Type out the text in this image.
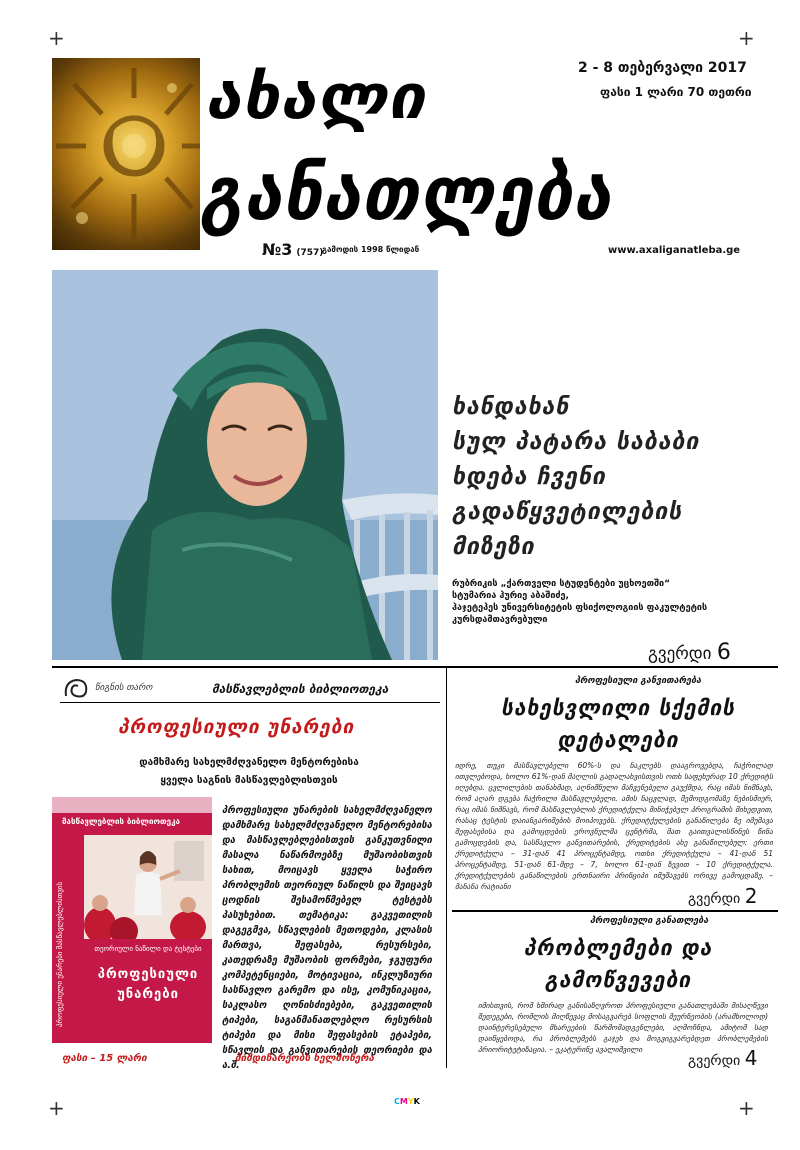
+	+
+	+
ახალი
განათლება
2 - 8 თებერვალი 2017
ფასი 1 ლარი 70 თეთრი
№3 (757)
გამოდის 1998 წლიდან	www.axaliganatleba.ge
ხანდახან
სულ პატარა საბაბი
ხდება ჩვენი
გადაწყვეტილების
მიზეზი
რუბრიკის „ქართველი სტუდენტები უცხოეთში“
სტუმარია ჰურიე აბაშიძე,
ჰაჯეტეპეს უნივერსიტეტის ფსიქოლოგიის ფაკულტეტის
კურსდამთავრებული
გვერდი 6
წიგნის თარო	მასწავლებლის ბიბლიოთეკა
პროფესიული უნარები
დამხმარე სახელმძღვანელო მენტორებისა
ყველა საგნის მასწავლებლისთვის
მასწავლებლის ბიბლიოთეკა
პროფესიული უნარები მასწავლებლისთვის	თეორიული ნაწილი და ტესტები
პროფესიული
უნარები
პროფესიული უნარების სახელმძღვანელო დამხმარე სახელმძღვანელო მენტორებისა და მასწავლებლებისთვის განკუთვნილი მასალა ნაწარმოებზე მუშაობისთვის სახით, მოიცავს ყველა საჭირო პრობლემის თეორიულ ნაწილს და შეიცავს ცოდნის შესამოწმებელ ტესტებს პასუხებით. თემატიკა: გაკვეთილის დაგეგმვა, სწავლების მეთოდები, კლასის მართვა, შეფასება, რესურსები, კათედრაზე მუშაობის ფორმები, ჯგუფური კომპეტენციები, მოტივაცია, ინკლუზიური სასწავლო გარემო და ისე, კომუნიკაცია, საკლასო ღონისძიებები, გაკვეთილის ტიპები, საგანმანათლებლო რესურსის ტიპები და მისი შეფასების ეტაპები, სწავლის და განვითარების თეორიები და ა.შ.
ფასი – 15 ლარი	მიმდინარეობს ხელმოწერა
პროფესიული განვითარება
სახესვლილი სქემის
დეტალები
იდრე, თუკი მასწავლებელი 60%-ს და ნაკლებს დააგროვებდა, ჩაჭრილად ითვლებოდა, ხოლო 61%-დან მაღლის გადალახვისთვის ოთხ საფეხურად 10 ქრედიტს იღებდა. ცვლილების თანახმად, აღნიშნული მაჩვენებელი გაუქმდა, რაც იმას ნიშნავს, რომ აღარ დგება ჩაჭრილი მასწავლებელი. ამის ნაცვლად, შემოდგომაზე ნებისმიერ, რაც იმას ნიშნავს, რომ მასწავლებლის ქრედიტქულა მინიჭებულ პროგრამის მიხედვით, რასაც ტესტის დაიანგარიშების მოიპოვებს. ქრედიტქულების განაწილება ზე იმუშავა შეფასებისა და გამოცდების ეროვნულმა ცენტრმა, მათ გაითვალისწინეს წინა გამოცდების და, სასწავლო განვითარების, ქრედიტების ახე განაწილებულ: ერთი ქრედიტქულა – 31-დან 41 პროცენტამდე, ოთხი ქრედიტქულა – 41-დან 51 პროცენტამდე, 51-დან 61-მდე – 7, ხოლო 61-დან ზევით – 10 ქრედიტქულა. ქრედიტქულების განაწილების ერთნაირი პრინციპი იმუშავებს ორივე გამოცდაზე. – მანანა რატიანი
გვერდი 2
პროფესიული განათლება
პრობლემები და
გამოწვევები
იმისთვის, რომ ხშირად განისაზღვროთ პროფესიული განათლებაში მისაღწევი შედეგები, რომლის მიღწევაც მოსაგვარებ სოფლის მეურნეობის (არამხოლოდ) დაინტერესებული მხარეების წარმომადგენლები, აღმოჩნდა, ამიტომ სად დაიწყებოდა, რა პრობლემებს გაჯეხ და მოგვიგვარებდეთ პრობლემების პრიორიტეტიზაცია. – ეკატერინე ავალიშვილი
გვერდი 4
CMYK
